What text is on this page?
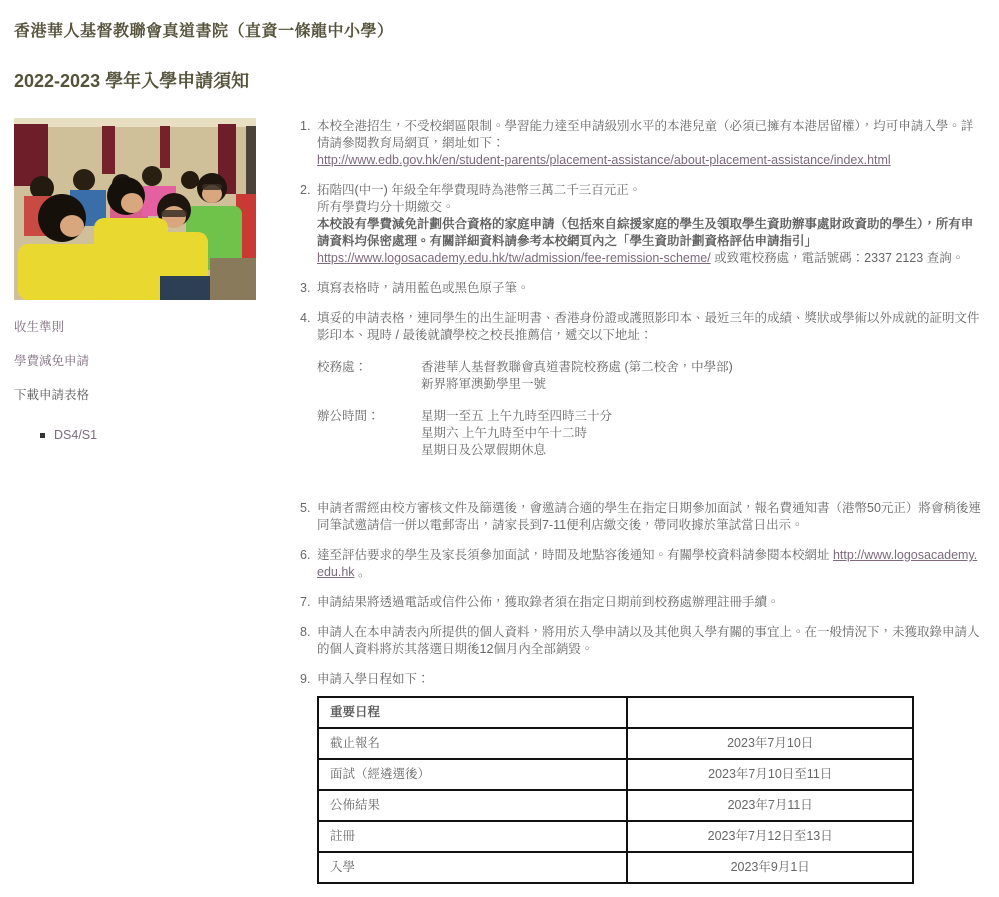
香港華人基督教聯會真道書院（直資一條龍中小學）
2022-2023 學年入學申請須知
收生準則
學費減免申請
下載申請表格
DS4/S1
1. 本校全港招生，不受校網區限制。學習能力達至申請級別水平的本港兒童（必須已擁有本港居留權），均可申請入學。詳情請參閱教育局網頁，網址如下：
http://www.edb.gov.hk/en/student-parents/placement-assistance/about-placement-assistance/index.html
2. 拓階四(中一) 年級全年學費現時為港幣三萬二千三百元正。
所有學費均分十期繳交。
本校設有學費減免計劃供合資格的家庭申請（包括來自綜援家庭的學生及領取學生資助辦事處財政資助的學生），所有申請資料均保密處理。有關詳細資料請參考本校網頁內之「學生資助計劃資格評估申請指引」
https://www.logosacademy.edu.hk/tw/admission/fee-remission-scheme/ 或致電校務處，電話號碼：2337 2123 查詢。
3. 填寫表格時，請用藍色或黑色原子筆。
4. 填妥的申請表格，連同學生的出生証明書、香港身份證或護照影印本、最近三年的成績、獎狀或學術以外成就的証明文件影印本、現時 / 最後就讀學校之校長推薦信，遞交以下地址：
校務處：	香港華人基督教聯會真道書院校務處 (第二校舍，中學部)
新界將軍澳勤學里一號
辦公時間：	星期一至五 上午九時至四時三十分
星期六 上午九時至中午十二時
星期日及公眾假期休息
5. 申請者需經由校方審核文件及篩選後，會邀請合適的學生在指定日期參加面試，報名費通知書（港幣50元正）將會稍後連同筆試邀請信一併以電郵寄出，請家長到7-11便利店繳交後，帶同收據於筆試當日出示。
6. 達至評估要求的學生及家長須參加面試，時間及地點容後通知。有關學校資料請參閱本校網址 http://www.logosacademy.edu.hk 。
7. 申請結果將透過電話或信件公佈，獲取錄者須在指定日期前到校務處辦理註冊手續。
8. 申請人在本申請表內所提供的個人資料，將用於入學申請以及其他與入學有關的事宜上。在一般情況下，未獲取錄申請人的個人資料將於其落選日期後12個月內全部銷毀。
9. 申請入學日程如下：
重要日程	
截止報名	2023年7月10日
面試（經遴選後）	2023年7月10日至11日
公佈結果	2023年7月11日
註冊	2023年7月12日至13日
入學	2023年9月1日
